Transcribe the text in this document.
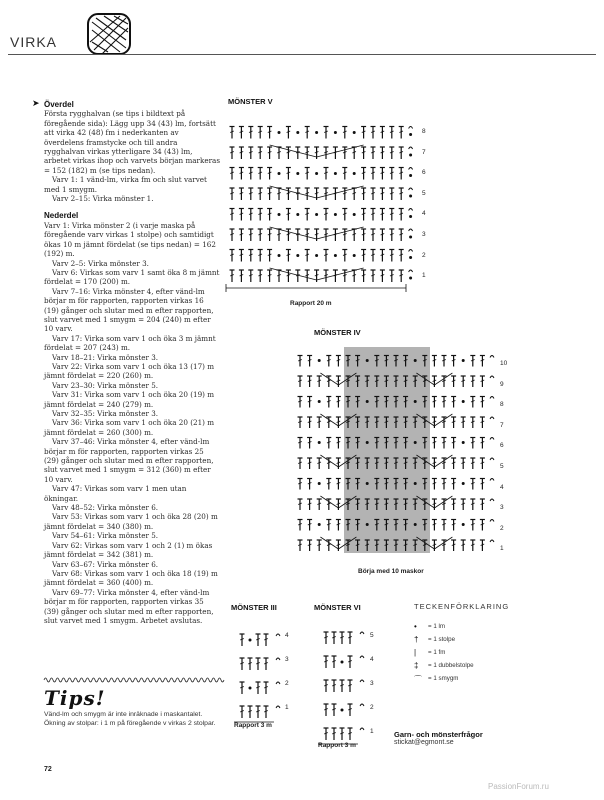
VIRKA
➤ Överdel

Första rygghalvan (se tips i bildtext på föregående sida): Lägg upp 34 (43) lm, fortsätt att virka 42 (48) fm i nederkanten av överdelens framstycke och till andra rygghalvan virkas ytterligare 34 (43) lm, arbetet virkas ihop och varvets början markeras = 152 (182) m (se tips nedan).

Varv 1: 1 vänd-lm, virka fm och slut varvet med 1 smygm.

Varv 2–15: Virka mönster 1.

Nederdel

Varv 1: Virka mönster 2 (i varje maska på föregående varv virkas 1 stolpe) och samtidigt ökas 10 m jämnt fördelat (se tips nedan) = 162 (192) m.

Varv 2–5: Virka mönster 3.

Varv 6: Virkas som varv 1 samt öka 8 m jämnt fördelat = 170 (200) m.

Varv 7–16: Virka mönster 4, efter vänd-lm börjar m för rapporten, rapporten virkas 16 (19) gånger och slutar med m efter rapporten, slut varvet med 1 smygm = 204 (240) m efter 10 varv.

Varv 17: Virka som varv 1 och öka 3 m jämnt fördelat = 207 (243) m.

Varv 18–21: Virka mönster 3.

Varv 22: Virka som varv 1 och öka 13 (17) m jämnt fördelat = 220 (260) m.

Varv 23–30: Virka mönster 5.

Varv 31: Virka som varv 1 och öka 20 (19) m jämnt fördelat = 240 (279) m.

Varv 32–35: Virka mönster 3.

Varv 36: Virka som varv 1 och öka 20 (21) m jämnt fördelat = 260 (300) m.

Varv 37–46: Virka mönster 4, efter vänd-lm börjar m för rapporten, rapporten virkas 25 (29) gånger och slutar med m efter rapporten, slut varvet med 1 smygm = 312 (360) m efter 10 varv.

Varv 47: Virkas som varv 1 men utan ökningar.

Varv 48–52: Virka mönster 6.

Varv 53: Virkas som varv 1 och öka 28 (20) m jämnt fördelat = 340 (380) m.

Varv 54–61: Virka mönster 5.

Varv 62: Virkas som varv 1 och 2 (1) m ökas jämnt fördelat = 342 (381) m.

Varv 63–67: Virka mönster 6.

Varv 68: Virkas som varv 1 och öka 18 (19) m jämnt fördelat = 360 (400) m.

Varv 69–77: Virka mönster 4, efter vänd-lm börjar m för rapporten, rapporten virkas 35 (39) gånger och slutar med m efter rapporten, slut varvet med 1 smygm. Arbetet avslutas.

Tips!

Vänd-lm och smygm är inte inräknade i maskantalet.

Ökning av stolpar: i 1 m på föregående v virkas 2 stolpar.

72
MÖNSTER V
8
7
6
5
4
3
2
1
Rapport 20 m
MÖNSTER IV
10
9
8
7
6
5
4
3
2
1
Börja med 10 maskor
MÖNSTER III
4
3
2
1
Rapport 3 m
MÖNSTER VI
5
4
3
2
1
Rapport 3 m
TECKENFÖRKLARING
• = 1 lm
† = 1 stolpe
| = 1 fm
‡ = 1 dubbelstolpe
⌒ = 1 smygm
Garn- och mönsterfrågor
stickat@egmont.se
PassionForum.ru
